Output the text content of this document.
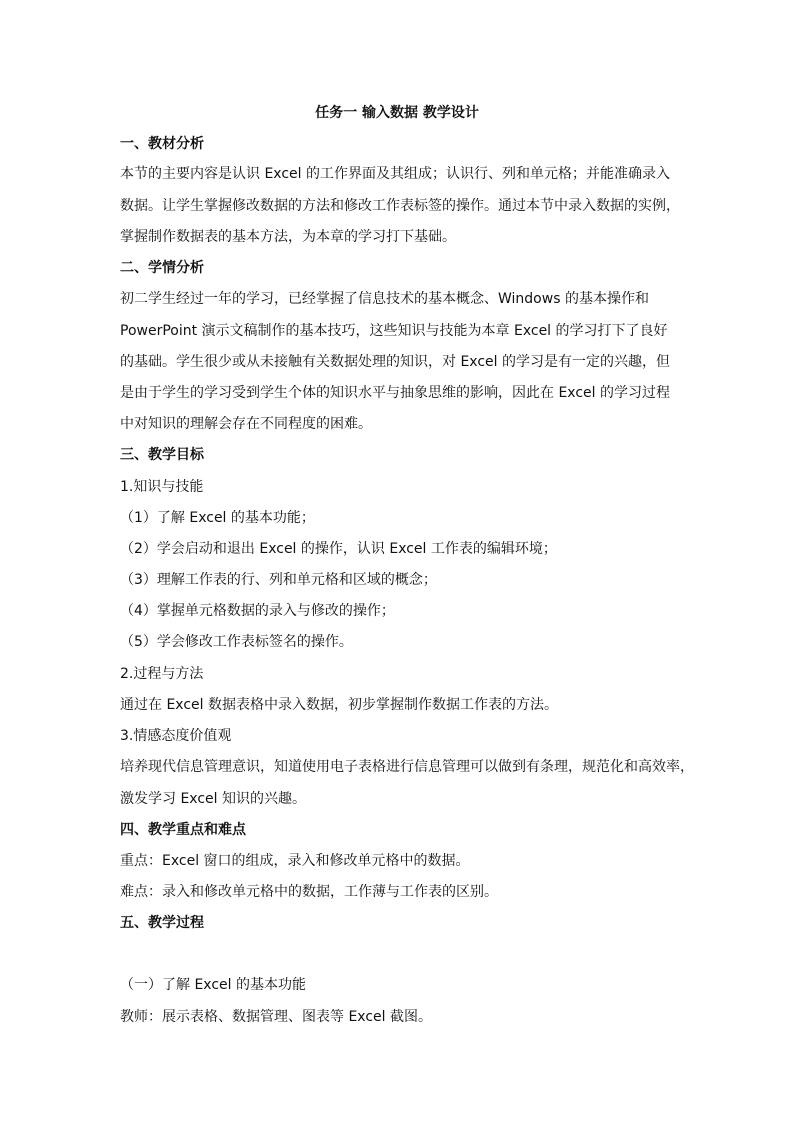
任务一 输入数据 教学设计
一、教材分析
本节的主要内容是认识 Excel 的工作界面及其组成；认识行、列和单元格；并能准确录入
数据。让学生掌握修改数据的方法和修改工作表标签的操作。通过本节中录入数据的实例，
掌握制作数据表的基本方法，为本章的学习打下基础。
二、学情分析
初二学生经过一年的学习，已经掌握了信息技术的基本概念、Windows 的基本操作和
PowerPoint 演示文稿制作的基本技巧，这些知识与技能为本章 Excel 的学习打下了良好
的基础。学生很少或从未接触有关数据处理的知识，对 Excel 的学习是有一定的兴趣，但
是由于学生的学习受到学生个体的知识水平与抽象思维的影响，因此在 Excel 的学习过程
中对知识的理解会存在不同程度的困难。
三、教学目标
1.知识与技能
（1）了解 Excel 的基本功能；
（2）学会启动和退出 Excel 的操作，认识 Excel 工作表的编辑环境；
（3）理解工作表的行、列和单元格和区域的概念；
（4）掌握单元格数据的录入与修改的操作；
（5）学会修改工作表标签名的操作。
2.过程与方法
通过在 Excel 数据表格中录入数据，初步掌握制作数据工作表的方法。
3.情感态度价值观
培养现代信息管理意识，知道使用电子表格进行信息管理可以做到有条理，规范化和高效率，
激发学习 Excel 知识的兴趣。
四、教学重点和难点
重点：Excel 窗口的组成，录入和修改单元格中的数据。
难点：录入和修改单元格中的数据，工作薄与工作表的区别。
五、教学过程
（一）了解 Excel 的基本功能
教师：展示表格、数据管理、图表等 Excel 截图。
